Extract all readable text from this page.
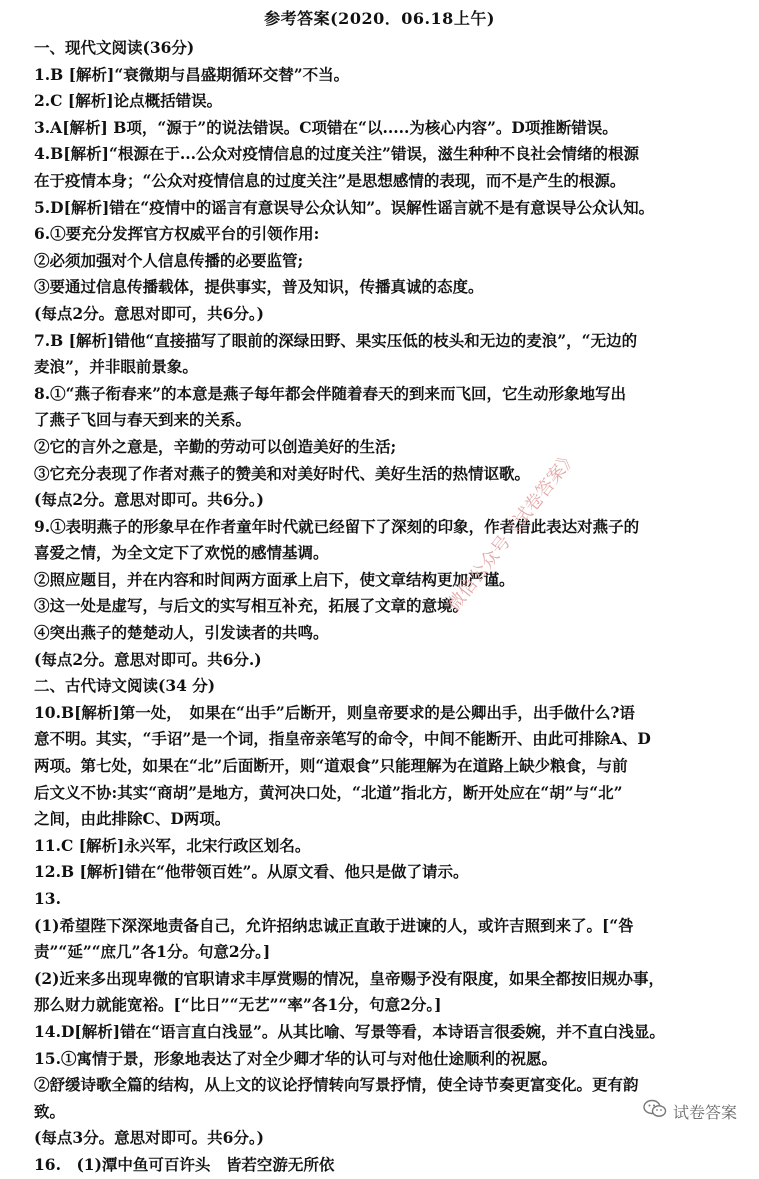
参考答案(2020．06.18上午)
一、现代文阅读(36分)
1.B [解析]“衰微期与昌盛期循环交替”不当。
2.C [解析]论点概括错误。
3.A[解析] B项，“源于”的说法错误。C项错在“以.....为核心内容”。D项推断错误。
4.B[解析]“根源在于...公众对疫情信息的过度关注”错误，滋生种种不良社会情绪的根源
在于疫情本身；“公众对疫情信息的过度关注”是思想感情的表现，而不是产生的根源。
5.D[解析]错在“疫情中的谣言有意误导公众认知”。误解性谣言就不是有意误导公众认知。
6.①要充分发挥官方权威平台的引领作用:
②必须加强对个人信息传播的必要监管;
③要通过信息传播载体，提供事实，普及知识，传播真诚的态度。
(每点2分。意思对即可，共6分。)
7.B [解析]错他“直接描写了眼前的深绿田野、果实压低的枝头和无边的麦浪”，“无边的
麦浪”，并非眼前景象。
8.①“燕子衔春来”的本意是燕子每年都会伴随着春天的到来而飞回，它生动形象地写出
了燕子飞回与春天到来的关系。
②它的言外之意是，辛勤的劳动可以创造美好的生活;
③它充分表现了作者对燕子的赞美和对美好时代、美好生活的热情讴歌。
(每点2分。意思对即可。共6分。)
9.①表明燕子的形象早在作者童年时代就已经留下了深刻的印象，作者借此表达对燕子的
喜爱之情，为全文定下了欢悦的感情基调。
②照应题目，并在内容和时间两方面承上启下，使文章结构更加严谨。
③这一处是虚写，与后文的实写相互补充，拓展了文章的意境。
④突出燕子的楚楚动人，引发读者的共鸣。
(每点2分。意思对即可。共6分.)
二、古代诗文阅读(34 分)
10.B[解析]第一处，　如果在“出手”后断开，则皇帝要求的是公卿出手，出手做什么?语
意不明。其实，“手诏”是一个词，指皇帝亲笔写的命令，中间不能断开、由此可排除A、D
两项。第七处，如果在“北”后面断开，则“道艰食”只能理解为在道路上缺少粮食，与前
后文义不协:其实“商胡”是地方，黄河决口处，“北道”指北方，断开处应在“胡”与“北”
之间，由此排除C、D两项。
11.C [解析]永兴军，北宋行政区划名。
12.B [解析]错在“他带领百姓”。从原文看、他只是做了请示。
13.
(1)希望陛下深深地责备自己，允许招纳忠诚正直敢于进谏的人，或许吉照到来了。[“咎
责”“延”“庶几”各1分。句意2分。]
(2)近来多出现卑微的官职请求丰厚赏赐的情况，皇帝赐予没有限度，如果全都按旧规办事，
那么财力就能宽裕。[“比日”“无艺”“率”各1分，句意2分。]
14.D[解析]错在“语言直白浅显”。从其比喻、写景等看，本诗语言很委婉，并不直白浅显。
15.①寓情于景，形象地表达了对全少卿才华的认可与对他仕途顺利的祝愿。
②舒缓诗歌全篇的结构，从上文的议论抒情转向写景抒情，使全诗节奏更富变化。更有韵
致。
(每点3分。意思对即可。共6分。)
16.　(1)潭中鱼可百许头　皆若空游无所依
微信公众号《试卷答案》
试卷答案
